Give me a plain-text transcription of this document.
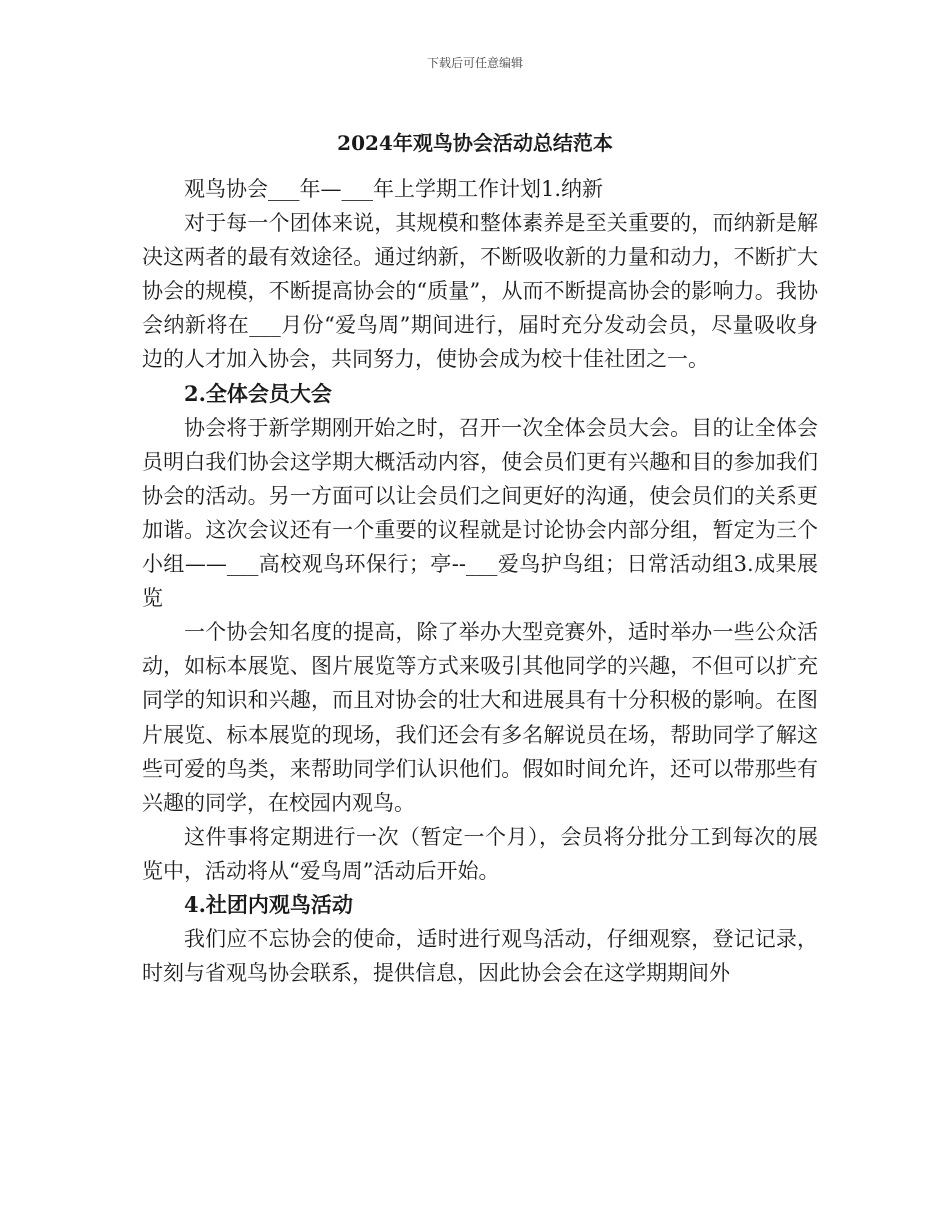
下载后可任意编辑
2024年观鸟协会活动总结范本

观鸟协会___年—___年上学期工作计划1.纳新

对于每一个团体来说，其规模和整体素养是至关重要的，而纳新是解决这两者的最有效途径。通过纳新，不断吸收新的力量和动力，不断扩大协会的规模，不断提高协会的“质量”，从而不断提高协会的影响力。我协会纳新将在___月份“爱鸟周”期间进行，届时充分发动会员，尽量吸收身边的人才加入协会，共同努力，使协会成为校十佳社团之一。

2.全体会员大会

协会将于新学期刚开始之时，召开一次全体会员大会。目的让全体会员明白我们协会这学期大概活动内容，使会员们更有兴趣和目的参加我们协会的活动。另一方面可以让会员们之间更好的沟通，使会员们的关系更加谐。这次会议还有一个重要的议程就是讨论协会内部分组，暂定为三个小组——___高校观鸟环保行；亭--___爱鸟护鸟组；日常活动组3.成果展览

一个协会知名度的提高，除了举办大型竞赛外，适时举办一些公众活动，如标本展览、图片展览等方式来吸引其他同学的兴趣，不但可以扩充同学的知识和兴趣，而且对协会的壮大和进展具有十分积极的影响。在图片展览、标本展览的现场，我们还会有多名解说员在场，帮助同学了解这些可爱的鸟类，来帮助同学们认识他们。假如时间允许，还可以带那些有兴趣的同学，在校园内观鸟。

这件事将定期进行一次（暂定一个月），会员将分批分工到每次的展览中，活动将从“爱鸟周”活动后开始。

4.社团内观鸟活动

我们应不忘协会的使命，适时进行观鸟活动，仔细观察，登记记录，时刻与省观鸟协会联系，提供信息，因此协会会在这学期期间外
